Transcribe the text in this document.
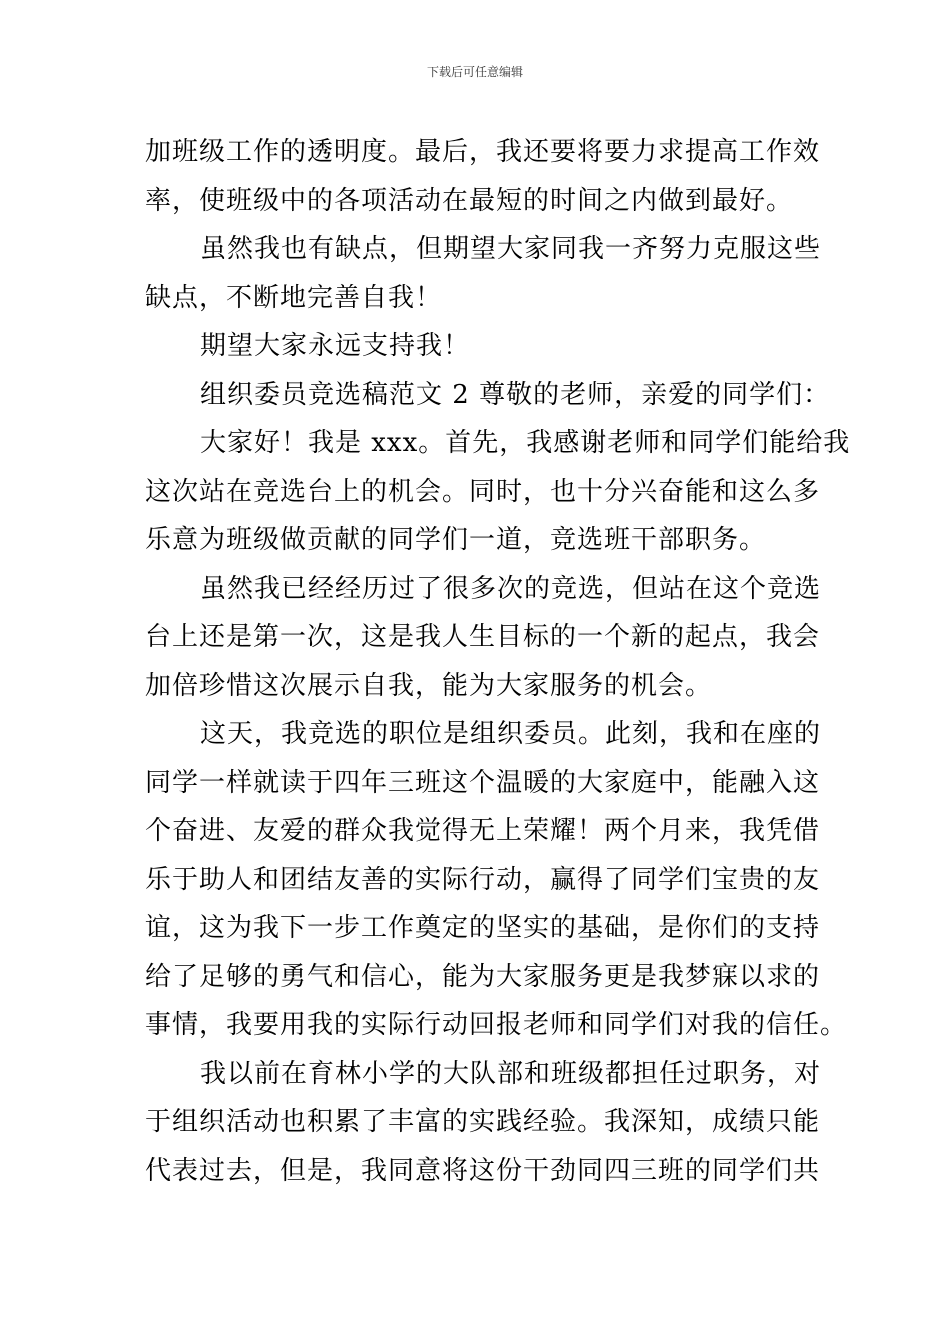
下载后可任意编辑
加班级工作的透明度。最后，我还要将要力求提高工作效
率，使班级中的各项活动在最短的时间之内做到最好。
虽然我也有缺点，但期望大家同我一齐努力克服这些
缺点，不断地完善自我！
期望大家永远支持我！
组织委员竞选稿范文 2 尊敬的老师，亲爱的同学们：
大家好！我是 xxx。首先，我感谢老师和同学们能给我
这次站在竞选台上的机会。同时，也十分兴奋能和这么多
乐意为班级做贡献的同学们一道，竞选班干部职务。
虽然我已经经历过了很多次的竞选，但站在这个竞选
台上还是第一次，这是我人生目标的一个新的起点，我会
加倍珍惜这次展示自我，能为大家服务的机会。
这天，我竞选的职位是组织委员。此刻，我和在座的
同学一样就读于四年三班这个温暖的大家庭中，能融入这
个奋进、友爱的群众我觉得无上荣耀！两个月来，我凭借
乐于助人和团结友善的实际行动，赢得了同学们宝贵的友
谊，这为我下一步工作奠定的坚实的基础，是你们的支持
给了足够的勇气和信心，能为大家服务更是我梦寐以求的
事情，我要用我的实际行动回报老师和同学们对我的信任。
我以前在育林小学的大队部和班级都担任过职务，对
于组织活动也积累了丰富的实践经验。我深知，成绩只能
代表过去，但是，我同意将这份干劲同四三班的同学们共
